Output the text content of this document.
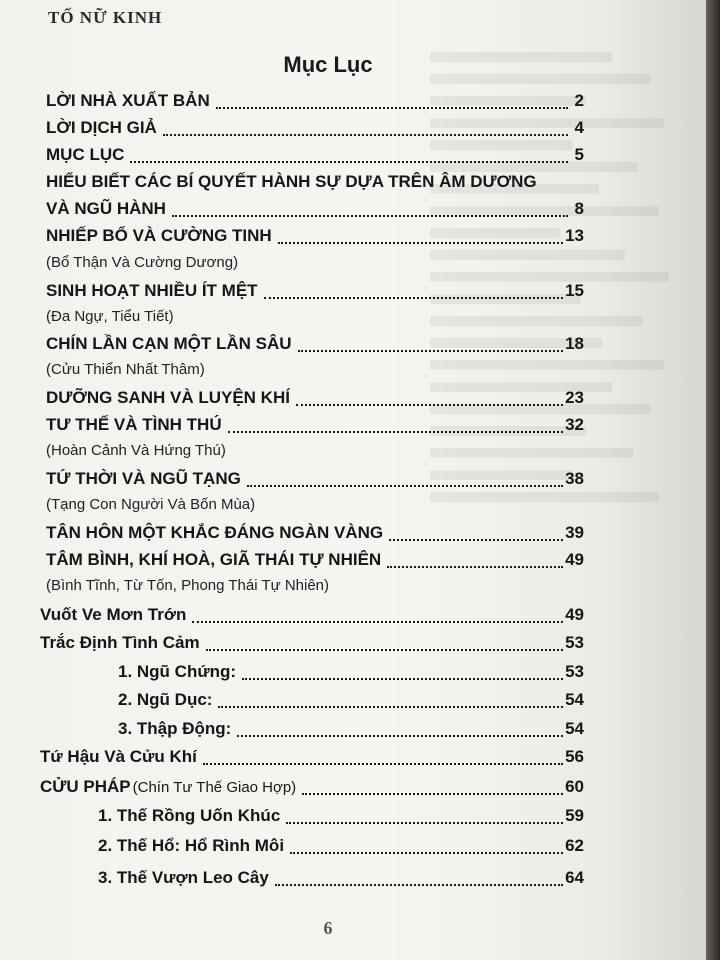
TỐ NỮ KINH
Mục Lục
LỜI NHÀ XUẤT BẢN	2
LỜI DỊCH GIẢ	4
MỤC LỤC	5
HIỂU BIẾT CÁC BÍ QUYẾT HÀNH SỰ DỰA TRÊN ÂM DƯƠNG
VÀ NGŨ HÀNH	8
NHIẾP BỔ VÀ CƯỜNG TINH	13
(Bổ Thận Và Cường Dương)
SINH HOẠT NHIỀU ÍT MỆT	15
(Đa Ngự, Tiểu Tiết)
CHÍN LẦN CẠN MỘT LẦN SÂU	18
(Cửu Thiển Nhất Thâm)
DƯỠNG SANH VÀ LUYỆN KHÍ	23
TƯ THẾ VÀ TÌNH THÚ	32
(Hoàn Cảnh Và Hứng Thú)
TỨ THỜI VÀ NGŨ TẠNG	38
(Tạng Con Người Và Bốn Mùa)
TÂN HÔN MỘT KHẮC ĐÁNG NGÀN VÀNG	39
TÂM BÌNH, KHÍ HOÀ, GIÃ THÁI TỰ NHIÊN	49
(Bình Tĩnh, Từ Tốn, Phong Thái Tự Nhiên)
Vuốt Ve Mơn Trớn	49
Trắc Định Tình Cảm	53
1. Ngũ Chứng:	53
2. Ngũ Dục:	54
3. Thập Động:	54
Tứ Hậu Và Cửu Khí	56
CỬU PHÁP (Chín Tư Thế Giao Hợp)	60
1. Thế Rồng Uốn Khúc	59
2. Thế Hổ: Hổ Rình Môi	62
3. Thế Vượn Leo Cây	64
6
